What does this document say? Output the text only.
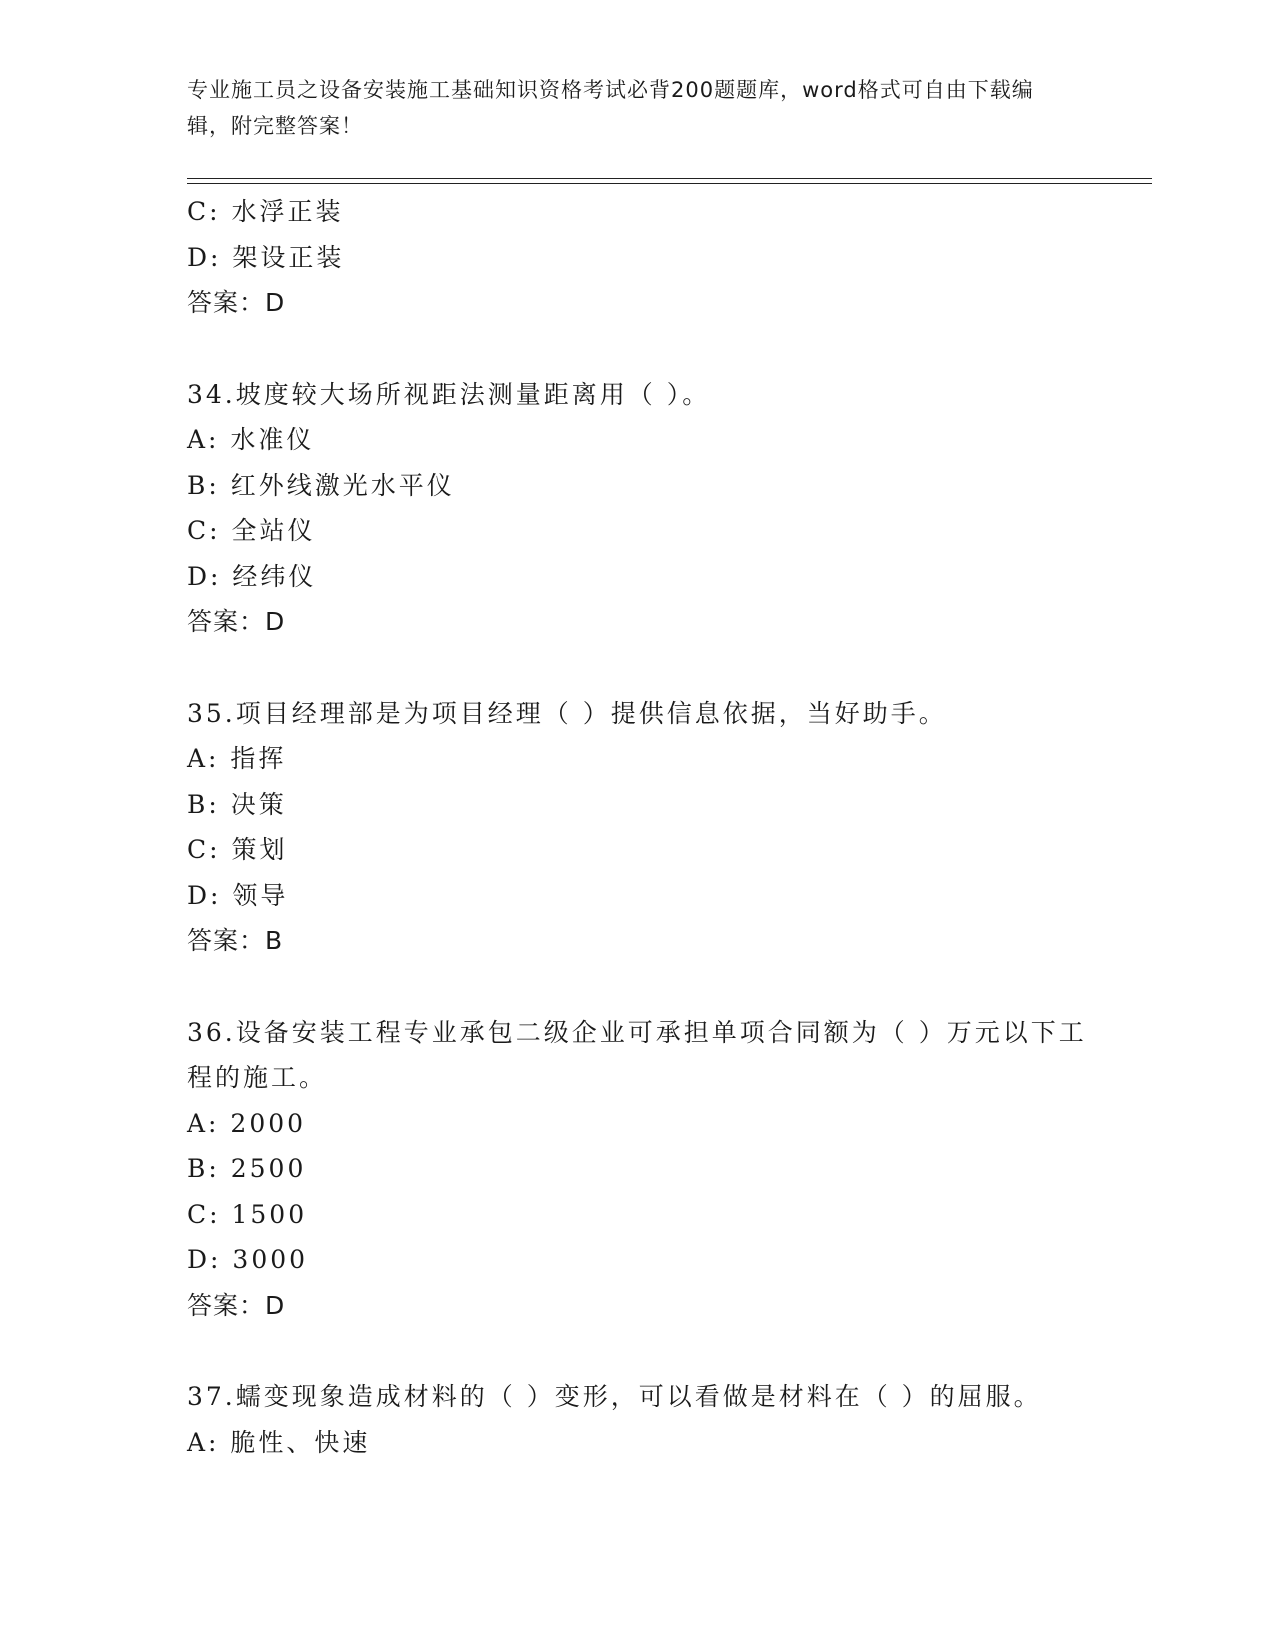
专业施工员之设备安装施工基础知识资格考试必背200题题库，word格式可自由下载编辑，附完整答案！
C: 水浮正装
D: 架设正装
答案：D
34.坡度较大场所视距法测量距离用（ ）。
A: 水准仪
B: 红外线激光水平仪
C: 全站仪
D: 经纬仪
答案：D
35.项目经理部是为项目经理（ ）提供信息依据，当好助手。
A: 指挥
B: 决策
C: 策划
D: 领导
答案：B
36.设备安装工程专业承包二级企业可承担单项合同额为（ ）万元以下工程的施工。
A: 2000
B: 2500
C: 1500
D: 3000
答案：D
37.蠕变现象造成材料的（ ）变形，可以看做是材料在（ ）的屈服。
A: 脆性、快速
